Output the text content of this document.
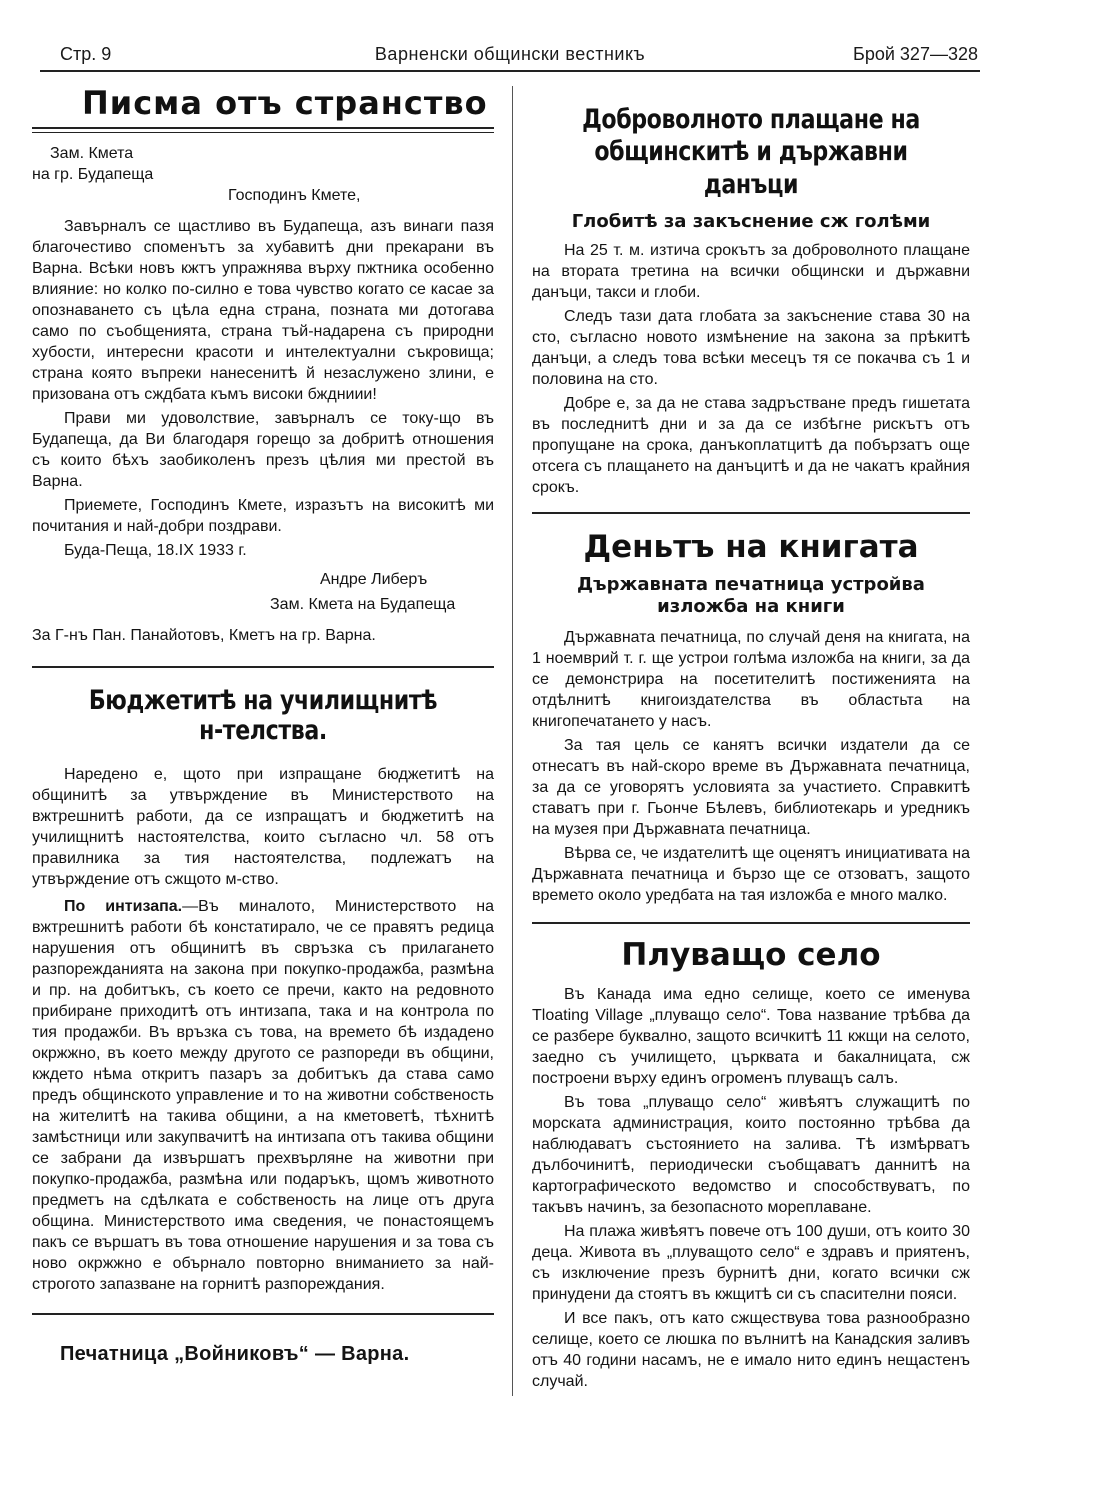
Стр. 9	Варненски общински вестникъ	Брой 327—328
Писма отъ странство
Зам. Кмета
на гр. Будапеща
Господинъ Кмете,

Завърналъ се щастливо въ Будапеща, азъ винаги пазя благочестиво споменътъ за хубавитѣ дни прекарани въ Варна. Всѣки новъ кжтъ упражнява върху пжтника особенно влияние: но колко по-силно е това чувство когато се касае за опознаването съ цѣла една страна, позната ми дотогава само по съобщенията, страна тъй-надарена съ природни хубости, интересни красоти и интелектуални съкровища; страна която въпреки нанесенитѣ й незаслужено злини, е призована отъ сждбата къмъ високи бждниии!

Прави ми удоволствие, завърналъ се току-що въ Будапеща, да Ви благодаря горещо за добритѣ отношения съ които бѣхъ заобиколенъ презъ цѣлия ми престой въ Варна.

Приемете, Господинъ Кмете, изразътъ на високитѣ ми почитания и най-добри поздрави.

Буда-Пеща, 18.IX 1933 г.
Андре Либеръ
Зам. Кмета на Будапеща
За Г-нъ Пан. Панайотовъ, Кметъ на гр. Варна.
Бюджетитѣ на училищнитѣ н-телства.

Наредено е, щото при изпращане бюджетитѣ на общинитѣ за утвърждение въ Министерството на вжтрешнитѣ работи, да се изпращатъ и бюджетитѣ на училищнитѣ настоятелства, които съгласно чл. 58 отъ правилника за тия настоятелства, подлежатъ на утвърждение отъ сжщото м-ство.

По интизапа.—Въ миналото, Министерството на вжтрешнитѣ работи бѣ констатирало, че се правятъ редица нарушения отъ общинитѣ въ свръзка съ прилагането разпорежданията на закона при покупко-продажба, размѣна и пр. на добитъкъ, съ което се пречи, както на редовното прибиране приходитѣ отъ интизапа, така и на контрола по тия продажби. Въ връзка съ това, на времето бѣ издадено окржжно, въ което между другото се разпореди въ общини, кждето нѣма откритъ пазаръ за добитъкъ да става само предъ общинското управление и то на животни собственость на жителитѣ на такива общини, а на кметоветѣ, тѣхнитѣ замѣстници или закупвачитѣ на интизапа отъ такива общини се забрани да извършатъ прехвърляне на животни при покупко-продажба, размѣна или подаръкъ, щомъ животното предметъ на сдѣлката е собственость на лице отъ друга община. Министерството има сведения, че понастоящемъ пакъ се вършатъ въ това отношение нарушения и за това съ ново окржжно е обърнало повторно вниманието за най-строгото запазване на горнитѣ разпореждания.

Печатница „Войниковъ“ — Варна.
Доброволното плащане на общинскитѣ и държавни данъци
Глобитѣ за закъснение сж голѣми

На 25 т. м. изтича срокътъ за доброволното плащане на втората третина на всички общински и държавни данъци, такси и глоби.

Следъ тази дата глобата за закъснение става 30 на сто, съгласно новото измѣнение на закона за прѣкитѣ данъци, а следъ това всѣки месецъ тя се покачва съ 1 и половина на сто.

Добре е, за да не става задръстване предъ гишетата въ последнитѣ дни и за да се избѣгне рискътъ отъ пропущане на срока, данъкоплатцитѣ да побързатъ още отсега съ плащането на данъцитѣ и да не чакатъ крайния срокъ.

Деньтъ на книгата
Държавната печатница устройва изложба на книги

Държавната печатница, по случай деня на книгата, на 1 ноемврий т. г. ще устрои голѣма изложба на книги, за да се демонстрира на посетителитѣ постиженията на отдѣлнитѣ книгоиздателства въ областьта на книгопечатането у насъ.

За тая цель се канятъ всички издатели да се отнесатъ въ най-скоро време въ Държавната печатница, за да се уговорятъ условията за участието. Справкитѣ ставатъ при г. Гьонче Бѣлевъ, библиотекарь и уредникъ на музея при Държавната печатница.

Вѣрва се, че издателитѣ ще оценятъ инициативата на Държавната печатница и бързо ще се отзоватъ, защото времето около уредбата на тая изложба е много малко.

Плуващо село

Въ Канада има едно селище, което се именува Tloating Village „плуващо село“. Това название трѣбва да се разбере буквално, защото всичкитѣ 11 кжщи на селото, заедно съ училището, църквата и бакалницата, сж построени върху единъ огроменъ плуващъ салъ.

Въ това „плуващо село“ живѣятъ служащитѣ по морската администрация, които постоянно трѣбва да наблюдаватъ състоянието на залива. Тѣ измѣрватъ дълбочинитѣ, периодически съобщаватъ даннитѣ на картографическото ведомство и способствуватъ, по такъвъ начинъ, за безопасното мореплаване.

На плажа живѣятъ повече отъ 100 души, отъ които 30 деца. Живота въ „плуващото село“ е здравъ и приятенъ, съ изключение презъ бурнитѣ дни, когато всички сж принудени да стоятъ въ кжщитѣ си съ спасителни пояси.

И все пакъ, отъ като сжществува това разнообразно селище, което се люшка по вълнитѣ на Канадския заливъ отъ 40 години насамъ, не е имало нито единъ нещастенъ случай.
